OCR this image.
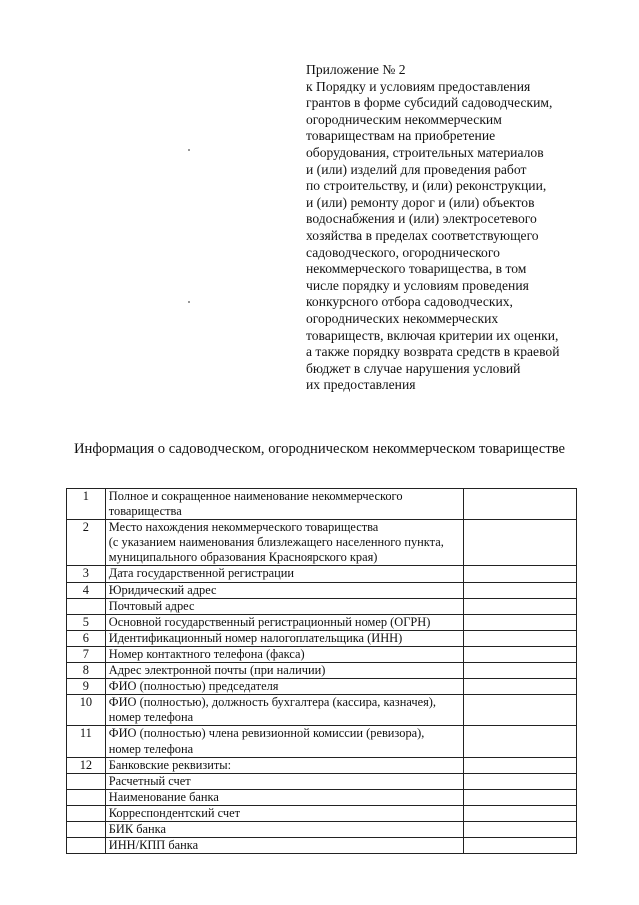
Приложение № 2
к Порядку и условиям предоставления
грантов в форме субсидий садоводческим,
огородническим некоммерческим
товариществам на приобретение
оборудования, строительных материалов
и (или) изделий для проведения работ
по строительству, и (или) реконструкции,
и (или) ремонту дорог и (или) объектов
водоснабжения и (или) электросетевого
хозяйства в пределах соответствующего
садоводческого, огороднического
некоммерческого товарищества, в том
числе порядку и условиям проведения
конкурсного отбора садоводческих,
огороднических некоммерческих
товариществ, включая критерии их оценки,
а также порядку возврата средств в краевой
бюджет в случае нарушения условий
их предоставления
Информация о садоводческом, огородническом некоммерческом товариществе
1	Полное и сокращенное наименование некоммерческого
товарищества	

2	Место нахождения некоммерческого товарищества
(с указанием наименования близлежащего населенного пункта,
муниципального образования Красноярского края)	

3	Дата государственной регистрации	

4	Юридический адрес	

	Почтовый адрес	

5	Основной государственный регистрационный номер (ОГРН)	

6	Идентификационный номер налогоплательщика (ИНН)	

7	Номер контактного телефона (факса)	

8	Адрес электронной почты (при наличии)	

9	ФИО (полностью) председателя	

10	ФИО (полностью), должность бухгалтера (кассира, казначея),
номер телефона	

11	ФИО (полностью) члена ревизионной комиссии (ревизора),
номер телефона	

12	Банковские реквизиты:	

	Расчетный счет	

	Наименование банка	

	Корреспондентский счет	

	БИК банка	

	ИНН/КПП банка	
